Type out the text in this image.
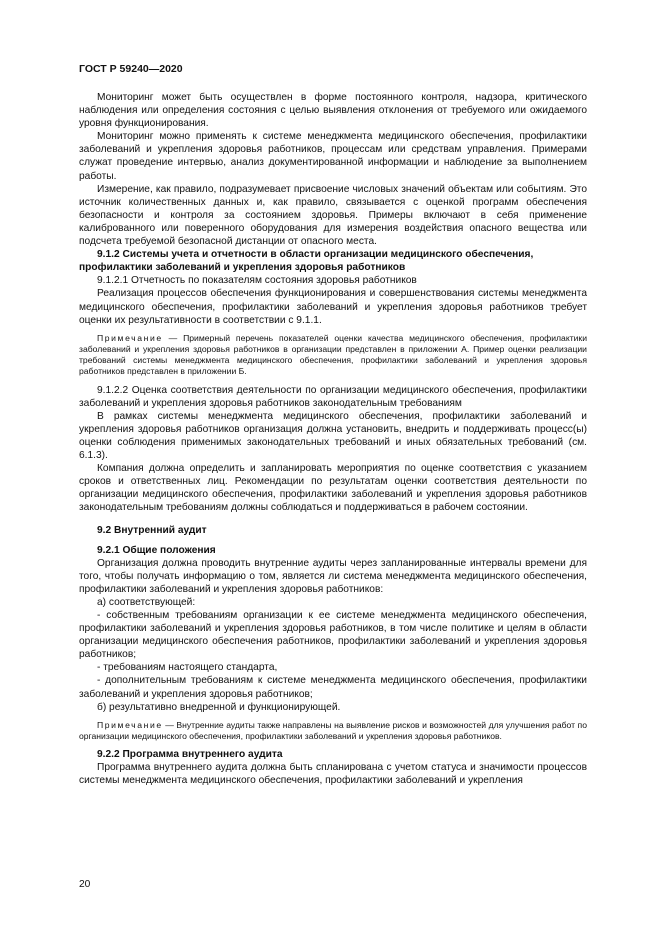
ГОСТ Р 59240—2020
Мониторинг может быть осуществлен в форме постоянного контроля, надзора, критического наблюдения или определения состояния с целью выявления отклонения от требуемого или ожидаемого уровня функционирования.
Мониторинг можно применять к системе менеджмента медицинского обеспечения, профилактики заболеваний и укрепления здоровья работников, процессам или средствам управления. Примерами служат проведение интервью, анализ документированной информации и наблюдение за выполнением работы.
Измерение, как правило, подразумевает присвоение числовых значений объектам или событиям. Это источник количественных данных и, как правило, связывается с оценкой программ обеспечения безопасности и контроля за состоянием здоровья. Примеры включают в себя применение калиброванного или поверенного оборудования для измерения воздействия опасного вещества или подсчета требуемой безопасной дистанции от опасного места.
9.1.2 Системы учета и отчетности в области организации медицинского обеспечения, профилактики заболеваний и укрепления здоровья работников
9.1.2.1 Отчетность по показателям состояния здоровья работников
Реализация процессов обеспечения функционирования и совершенствования системы менеджмента медицинского обеспечения, профилактики заболеваний и укрепления здоровья работников требует оценки их результативности в соответствии с 9.1.1.
Примечание — Примерный перечень показателей оценки качества медицинского обеспечения, профилактики заболеваний и укрепления здоровья работников в организации представлен в приложении А. Пример оценки реализации требований системы менеджмента медицинского обеспечения, профилактики заболеваний и укрепления здоровья работников представлен в приложении Б.
9.1.2.2 Оценка соответствия деятельности по организации медицинского обеспечения, профилактики заболеваний и укрепления здоровья работников законодательным требованиям
В рамках системы менеджмента медицинского обеспечения, профилактики заболеваний и укрепления здоровья работников организация должна установить, внедрить и поддерживать процесс(ы) оценки соблюдения применимых законодательных требований и иных обязательных требований (см. 6.1.3).
Компания должна определить и запланировать мероприятия по оценке соответствия с указанием сроков и ответственных лиц. Рекомендации по результатам оценки соответствия деятельности по организации медицинского обеспечения, профилактики заболеваний и укрепления здоровья работников законодательным требованиям должны соблюдаться и поддерживаться в рабочем состоянии.
9.2 Внутренний аудит
9.2.1 Общие положения
Организация должна проводить внутренние аудиты через запланированные интервалы времени для того, чтобы получать информацию о том, является ли система менеджмента медицинского обеспечения, профилактики заболеваний и укрепления здоровья работников:
а) соответствующей:
- собственным требованиям организации к ее системе менеджмента медицинского обеспечения, профилактики заболеваний и укрепления здоровья работников, в том числе политике и целям в области организации медицинского обеспечения работников, профилактики заболеваний и укрепления здоровья работников;
- требованиям настоящего стандарта,
- дополнительным требованиям к системе менеджмента медицинского обеспечения, профилактики заболеваний и укрепления здоровья работников;
б) результативно внедренной и функционирующей.
Примечание — Внутренние аудиты также направлены на выявление рисков и возможностей для улучшения работ по организации медицинского обеспечения, профилактики заболеваний и укрепления здоровья работников.
9.2.2 Программа внутреннего аудита
Программа внутреннего аудита должна быть спланирована с учетом статуса и значимости процессов системы менеджмента медицинского обеспечения, профилактики заболеваний и укрепления
20
